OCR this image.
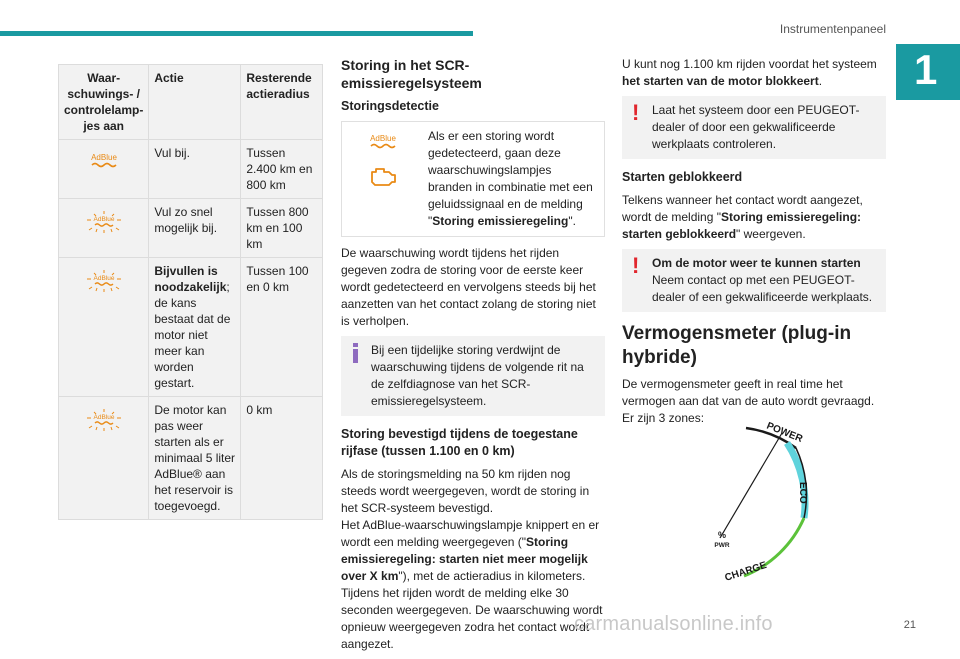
Instrumentenpaneel
1
Waar-schuwings- / controlelamp-jes aan	Actie	Resterende actieradius

AdBlue	Vul bij.	Tussen 2.400 km en 800 km

AdBlue	Vul zo snel mogelijk bij.	Tussen 800 km en 100 km

AdBlue	Bijvullen is noodzakelijk; de kans bestaat dat de motor niet meer kan worden gestart.	Tussen 100 en 0 km

AdBlue	De motor kan pas weer starten als er minimaal 5 liter AdBlue® aan het reservoir is toegevoegd.	0 km
Storing in het SCR-emissieregelsysteem
Storingsdetectie
AdBlue	Als er een storing wordt gedetecteerd, gaan deze waarschuwingslampjes branden in combinatie met een geluidssignaal en de melding "Storing emissieregeling".

De waarschuwing wordt tijdens het rijden gegeven zodra de storing voor de eerste keer wordt gedetecteerd en vervolgens steeds bij het aanzetten van het contact zolang de storing niet is verholpen.

Bij een tijdelijke storing verdwijnt de waarschuwing tijdens de volgende rit na de zelfdiagnose van het SCR-emissieregelsysteem.
Storing bevestigd tijdens de toegestane rijfase (tussen 1.100 en 0 km)

Als de storingsmelding na 50 km rijden nog steeds wordt weergegeven, wordt de storing in het SCR-systeem bevestigd.
Het AdBlue-waarschuwingslampje knippert en er wordt een melding weergegeven ("Storing emissieregeling: starten niet meer mogelijk over X km"), met de actieradius in kilometers.
Tijdens het rijden wordt de melding elke 30 seconden weergegeven. De waarschuwing wordt opnieuw weergegeven zodra het contact wordt aangezet.

U kunt nog 1.100 km rijden voordat het systeem het starten van de motor blokkeert.

! Laat het systeem door een PEUGEOT-dealer of door een gekwalificeerde werkplaats controleren.
Starten geblokkeerd

Telkens wanneer het contact wordt aangezet, wordt de melding "Storing emissieregeling: starten geblokkeerd" weergeven.

! Om de motor weer te kunnen starten
Neem contact op met een PEUGEOT-dealer of een gekwalificeerde werkplaats.
Vermogensmeter (plug-in hybride)

De vermogensmeter geeft in real time het vermogen aan dat van de auto wordt gevraagd.

Er zijn 3 zones:

POWER
ECO
CHARGE
%
PWR
carmanualsonline.info	21
